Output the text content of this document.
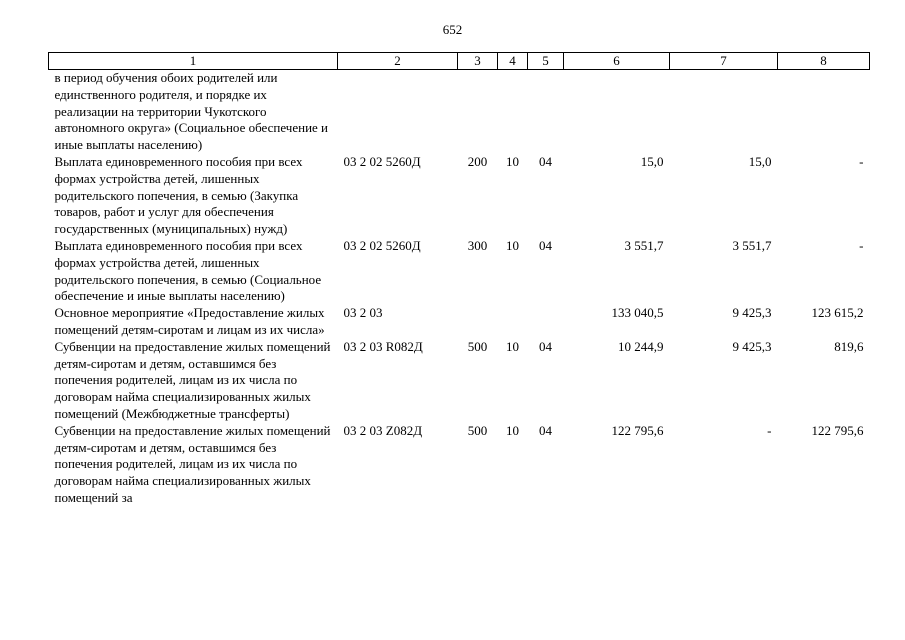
652
1	2	3	4	5	6	7	8
в период обучения обоих родителей или единственного родителя, и порядке их реализации на территории Чукотского автономного округа» (Социальное обеспечение и иные выплаты населению)							
Выплата единовременного пособия при всех формах устройства детей, лишенных родительского попечения, в семью (Закупка товаров, работ и услуг для обеспечения государственных (муниципальных) нужд)	03 2 02 5260Д	200	10	04	15,0	15,0	-
Выплата единовременного пособия при всех формах устройства детей, лишенных родительского попечения, в семью (Социальное обеспечение и иные выплаты населению)	03 2 02 5260Д	300	10	04	3 551,7	3 551,7	-
Основное мероприятие «Предоставление жилых помещений детям-сиротам и лицам из их числа»	03 2 03				133 040,5	9 425,3	123 615,2
Субвенции на предоставление жилых помещений детям-сиротам и детям, оставшимся без попечения родителей, лицам из их числа по договорам найма специализированных жилых помещений (Межбюджетные трансферты)	03 2 03 R082Д	500	10	04	10 244,9	9 425,3	819,6
Субвенции на предоставление жилых помещений детям-сиротам и детям, оставшимся без попечения родителей, лицам из их числа по договорам найма специализированных жилых помещений за	03 2 03 Z082Д	500	10	04	122 795,6	-	122 795,6
